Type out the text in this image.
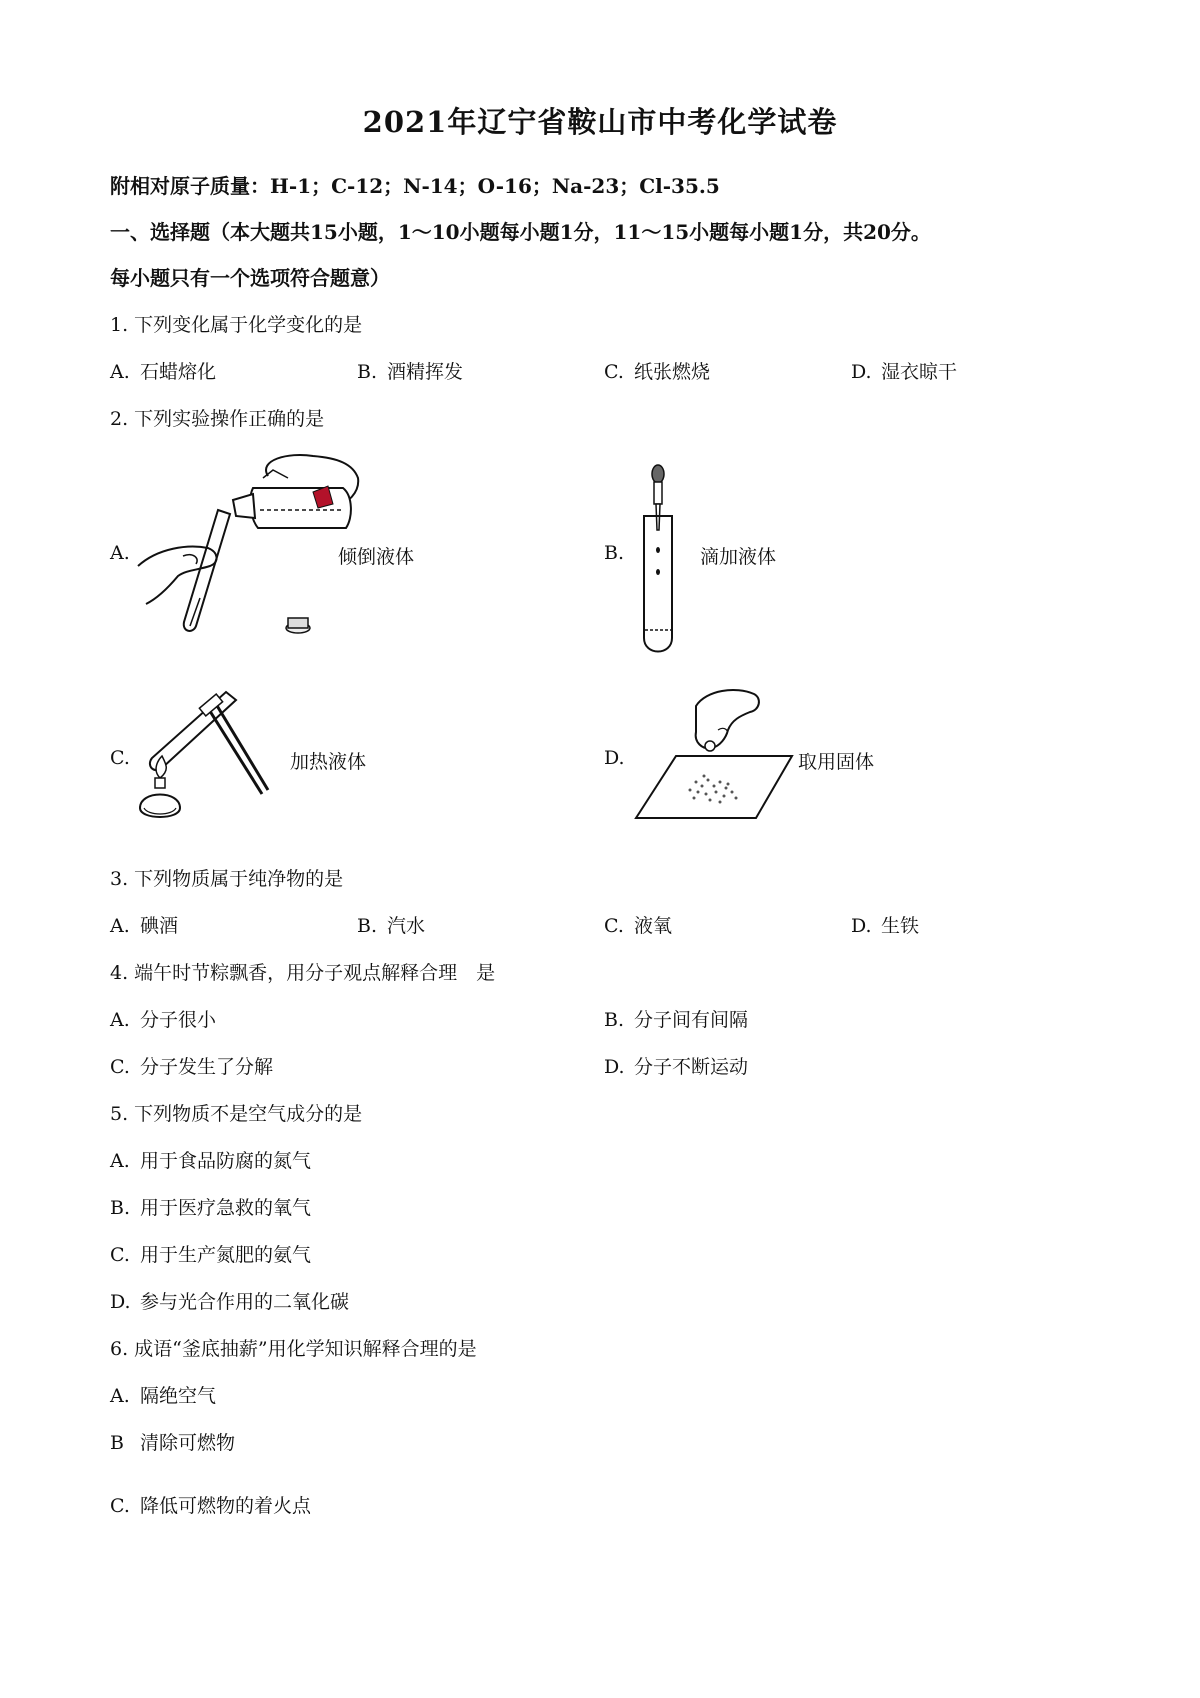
2021年辽宁省鞍山市中考化学试卷
附相对原子质量：H-1；C-12；N-14；O-16；Na-23；Cl-35.5
一、选择题（本大题共15小题，1～10小题每小题1分，11～15小题每小题1分，共20分。
每小题只有一个选项符合题意）
1. 下列变化属于化学变化的是
A. 石蜡熔化	B. 酒精挥发	C. 纸张燃烧	D. 湿衣晾干
2. 下列实验操作正确的是
A.	倾倒液体	B.	滴加液体
C.	加热液体	D.	取用固体
3. 下列物质属于纯净物的是
A. 碘酒	B. 汽水	C. 液氧	D. 生铁
4. 端午时节粽飘香，用分子观点解释合理　是
A. 分子很小	B. 分子间有间隔
C. 分子发生了分解	D. 分子不断运动
5. 下列物质不是空气成分的是
A. 用于食品防腐的氮气
B. 用于医疗急救的氧气
C. 用于生产氮肥的氨气
D. 参与光合作用的二氧化碳
6. 成语“釜底抽薪”用化学知识解释合理的是
A. 隔绝空气
B 清除可燃物
C. 降低可燃物的着火点
